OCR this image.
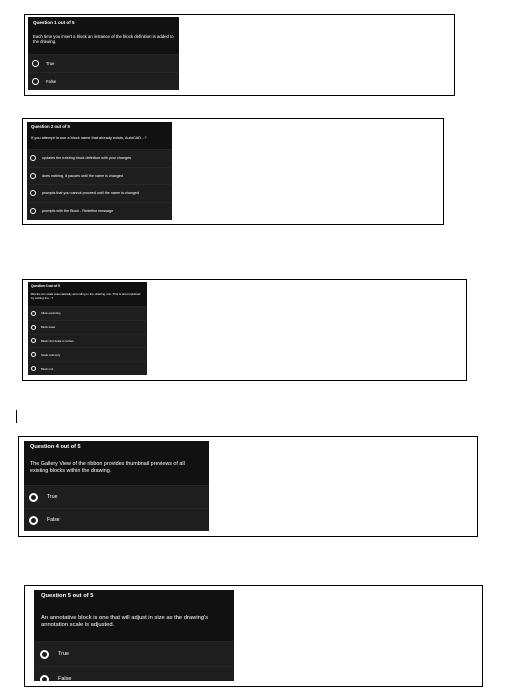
Question 1 out of 5
Each time you insert a block an instance of the block definition is added to the drawing.
True
False
Question 2 out of 5
If you attempt to use a block name that already exists, AutoCAD...?
updates the existing block definition with your changes
does nothing, it pauses until the name is changed
prompts that you cannot proceed until the name is changed
prompts with the Block - Redefine message
Question 3 out of 5
Blocks can scale automatically according to the drawing unit. This is accomplished by setting the...?
Allow exploding
Block scale
Block Unit Scale to Inches
Scale uniformly
Block unit
Question 4 out of 5
The Gallery View of the ribbon provides thumbnail previews of all existing blocks within the drawing.
True
False
Question 5 out of 5
An annotative block is one that will adjust in size as the drawing's annotation scale is adjusted.
True
False
